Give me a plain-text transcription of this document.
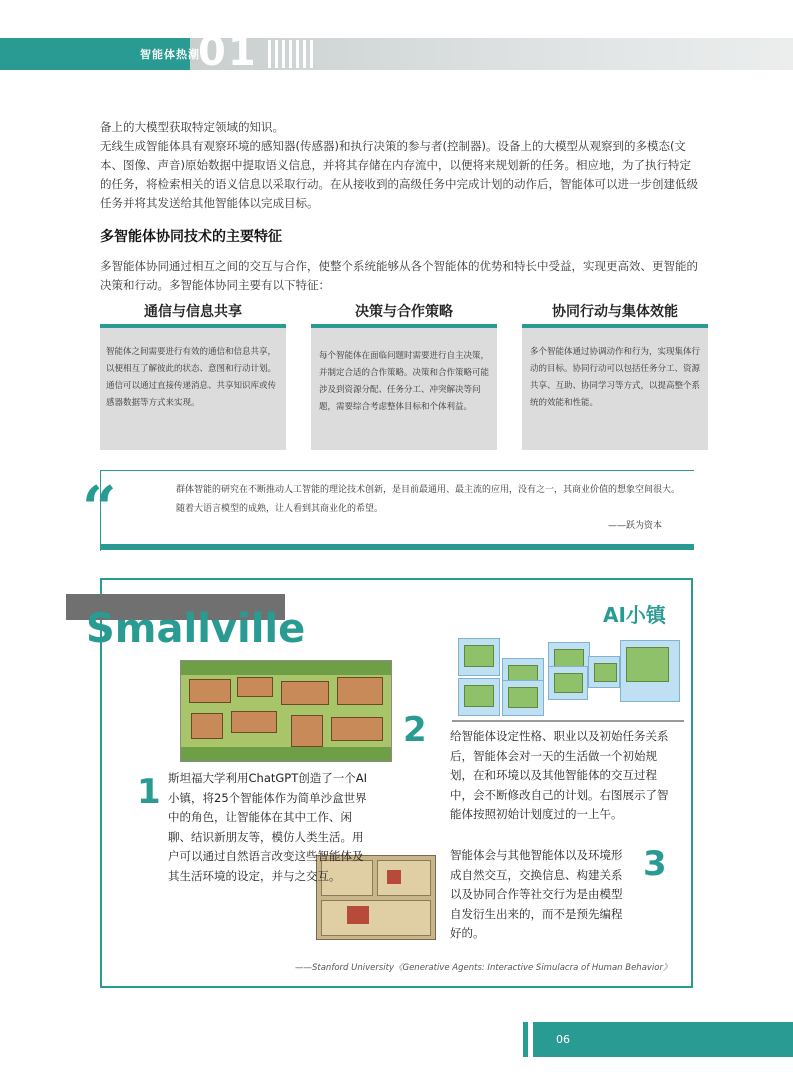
智能体热潮
01
备上的大模型获取特定领域的知识。
无线生成智能体具有观察环境的感知器(传感器)和执行决策的参与者(控制器)。设备上的大模型从观察到的多模态(文本、图像、声音)原始数据中提取语义信息，并将其存储在内存流中，以便将来规划新的任务。相应地，为了执行特定的任务，将检索相关的语义信息以采取行动。在从接收到的高级任务中完成计划的动作后，智能体可以进一步创建低级任务并将其发送给其他智能体以完成目标。
多智能体协同技术的主要特征
多智能体协同通过相互之间的交互与合作，使整个系统能够从各个智能体的优势和特长中受益，实现更高效、更智能的决策和行动。多智能体协同主要有以下特征：
通信与信息共享
智能体之间需要进行有效的通信和信息共享，以便相互了解彼此的状态、意图和行动计划。通信可以通过直接传递消息、共享知识库或传感器数据等方式来实现。
决策与合作策略
每个智能体在面临问题时需要进行自主决策，并制定合适的合作策略。决策和合作策略可能涉及到资源分配、任务分工、冲突解决等问题，需要综合考虑整体目标和个体利益。
协同行动与集体效能
多个智能体通过协调动作和行为，实现集体行动的目标。协同行动可以包括任务分工、资源共享、互助、协同学习等方式，以提高整个系统的效能和性能。
“	群体智能的研究在不断推动人工智能的理论技术创新，是目前最通用、最主流的应用，没有之一，其商业价值的想象空间很大。随着大语言模型的成熟，让人看到其商业化的希望。
——跃为资本
Smallville	AI小镇
1 斯坦福大学利用ChatGPT创造了一个AI小镇，将25个智能体作为简单沙盒世界中的角色，让智能体在其中工作、闲聊、结识新朋友等，模仿人类生活。用户可以通过自然语言改变这些智能体及其生活环境的设定，并与之交互。
2 给智能体设定性格、职业以及初始任务关系后，智能体会对一天的生活做一个初始规划，在和环境以及其他智能体的交互过程中，会不断修改自己的计划。右图展示了智能体按照初始计划度过的一上午。
3
智能体会与其他智能体以及环境形成自然交互，交换信息、构建关系以及协同合作等社交行为是由模型自发衍生出来的，而不是预先编程好的。
——Stanford University《Generative Agents: Interactive Simulacra of Human Behavior》
06
